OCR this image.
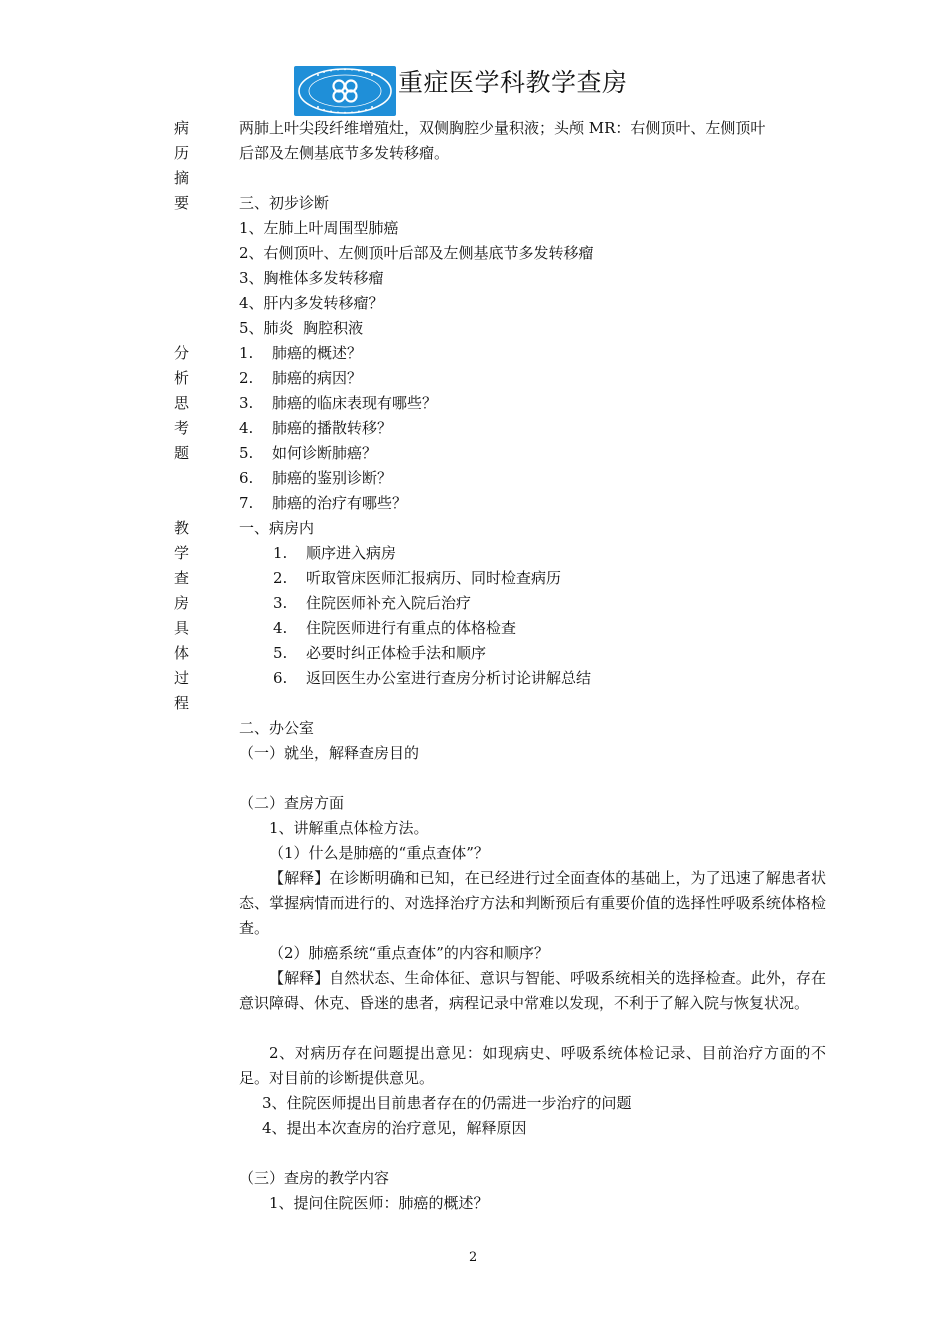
重症医学科教学查房
病
历
摘
要
分
析
思
考
题
教
学
查
房
具
体
过
程
两肺上叶尖段纤维增殖灶，双侧胸腔少量积液；头颅 MR：右侧顶叶、左侧顶叶
后部及左侧基底节多发转移瘤。
三、初步诊断
1、左肺上叶周围型肺癌
2、右侧顶叶、左侧顶叶后部及左侧基底节多发转移瘤
3、胸椎体多发转移瘤
4、肝内多发转移瘤？
5、肺炎  胸腔积液
1. 肺癌的概述？
2. 肺癌的病因？
3. 肺癌的临床表现有哪些？
4. 肺癌的播散转移？
5. 如何诊断肺癌？
6. 肺癌的鉴别诊断？
7. 肺癌的治疗有哪些？
一、病房内
1. 顺序进入病房
2. 听取管床医师汇报病历、同时检查病历
3. 住院医师补充入院后治疗
4. 住院医师进行有重点的体格检查
5. 必要时纠正体检手法和顺序
6. 返回医生办公室进行查房分析讨论讲解总结
二、办公室
（一）就坐，解释查房目的
（二）查房方面
1、讲解重点体检方法。
（1）什么是肺癌的“重点查体”？
【解释】在诊断明确和已知，在已经进行过全面查体的基础上，为了迅速了解患者状态、掌握病情而进行的、对选择治疗方法和判断预后有重要价值的选择性呼吸系统体格检查。
（2）肺癌系统“重点查体”的内容和顺序？
【解释】自然状态、生命体征、意识与智能、呼吸系统相关的选择检查。此外，存在意识障碍、休克、昏迷的患者，病程记录中常难以发现，不利于了解入院与恢复状况。
2、对病历存在问题提出意见：如现病史、呼吸系统体检记录、目前治疗方面的不足。对目前的诊断提供意见。
3、住院医师提出目前患者存在的仍需进一步治疗的问题
4、提出本次查房的治疗意见，解释原因
（三）查房的教学内容
1、提问住院医师：肺癌的概述？
2
